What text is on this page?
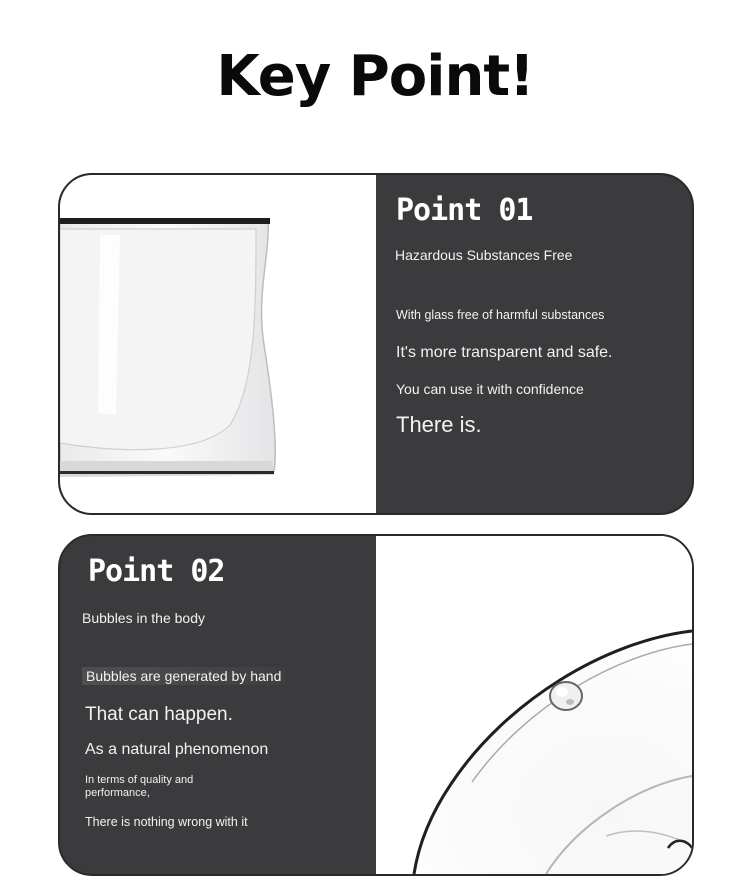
Key Point!
Point 01
Hazardous Substances Free
With glass free of harmful substances
It's more transparent and safe.
You can use it with confidence
There is.
Point 02
Bubbles in the body
Bubbles are generated by hand
That can happen.
As a natural phenomenon
In terms of quality and performance,
There is nothing wrong with it
